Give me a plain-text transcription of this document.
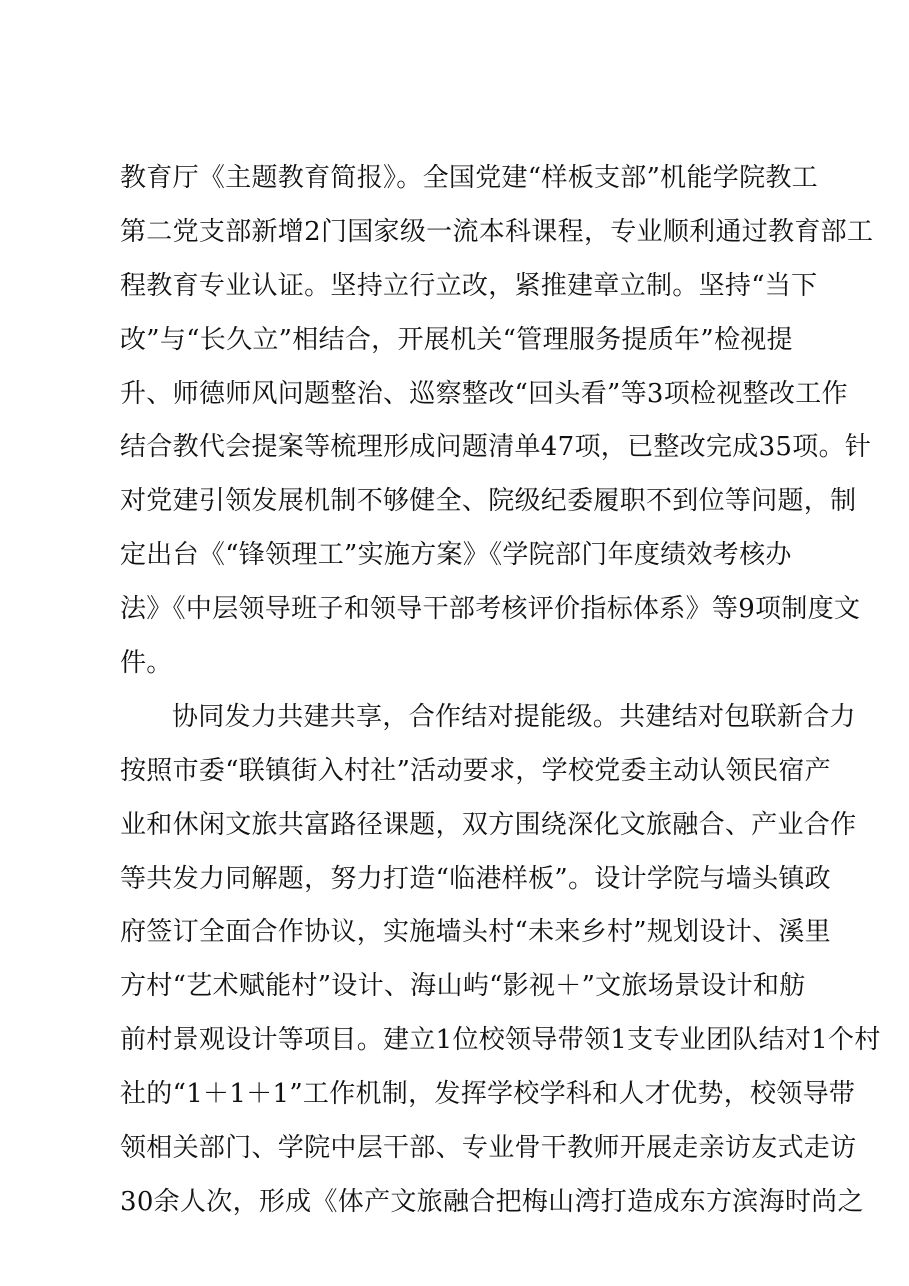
教育厅《主题教育简报》。全国党建“样板支部”机能学院教工
第二党支部新增2门国家级一流本科课程，专业顺利通过教育部工
程教育专业认证。坚持立行立改，紧推建章立制。坚持“当下
改”与“长久立”相结合，开展机关“管理服务提质年”检视提
升、师德师风问题整治、巡察整改“回头看”等3项检视整改工作
结合教代会提案等梳理形成问题清单47项，已整改完成35项。针
对党建引领发展机制不够健全、院级纪委履职不到位等问题，制
定出台《“锋领理工”实施方案》《学院部门年度绩效考核办
法》《中层领导班子和领导干部考核评价指标体系》等9项制度文
件。
协同发力共建共享，合作结对提能级。共建结对包联新合力
按照市委“联镇街入村社”活动要求，学校党委主动认领民宿产
业和休闲文旅共富路径课题，双方围绕深化文旅融合、产业合作
等共发力同解题，努力打造“临港样板”。设计学院与墙头镇政
府签订全面合作协议，实施墙头村“未来乡村”规划设计、溪里
方村“艺术赋能村”设计、海山屿“影视＋”文旅场景设计和舫
前村景观设计等项目。建立1位校领导带领1支专业团队结对1个村
社的“1＋1＋1”工作机制，发挥学校学科和人才优势，校领导带
领相关部门、学院中层干部、专业骨干教师开展走亲访友式走访
30余人次，形成《体产文旅融合把梅山湾打造成东方滨海时尚之
